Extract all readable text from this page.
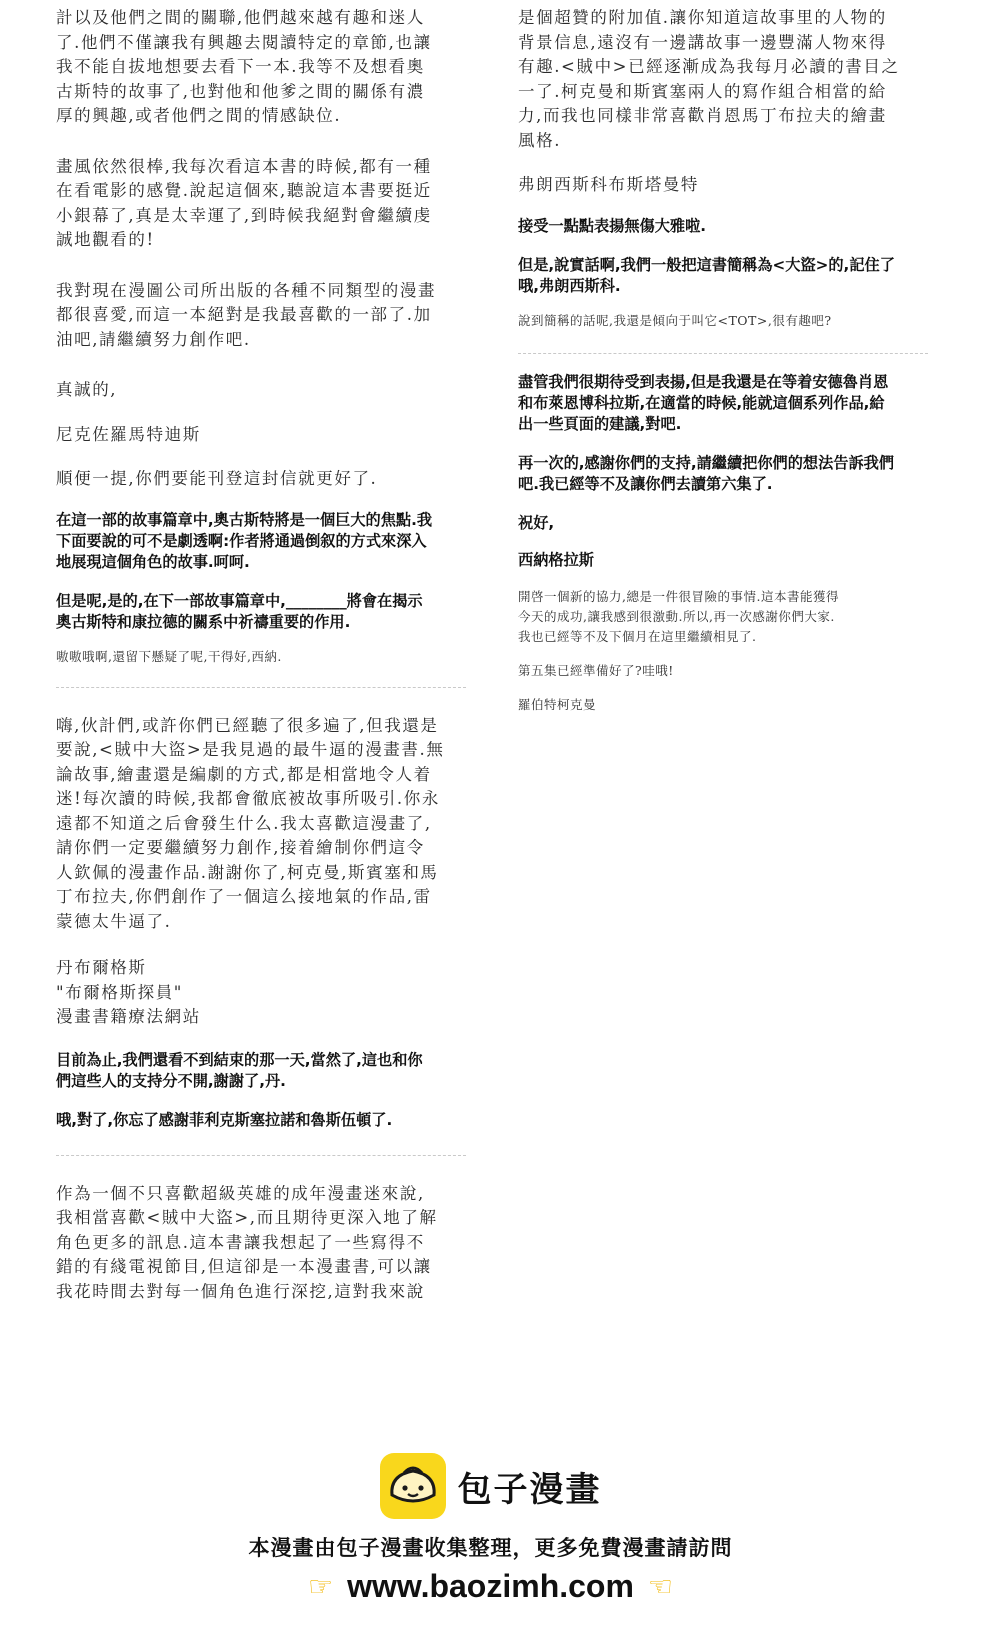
計以及他們之間的關聯,他們越來越有趣和迷人
了.他們不僅讓我有興趣去閱讀特定的章節,也讓
我不能自拔地想要去看下一本.我等不及想看奧
古斯特的故事了,也對他和他爹之間的關係有濃
厚的興趣,或者他們之間的情感缺位.

畫風依然很棒,我每次看這本書的時候,都有一種
在看電影的感覺.說起這個來,聽說這本書要挺近
小銀幕了,真是太幸運了,到時候我絕對會繼續虔
誠地觀看的!

我對現在漫圖公司所出版的各種不同類型的漫畫
都很喜愛,而這一本絕對是我最喜歡的一部了.加
油吧,請繼續努力創作吧.

真誠的,

尼克佐羅馬特迪斯

順便一提,你們要能刊登這封信就更好了.

在這一部的故事篇章中,奧古斯特將是一個巨大的焦點.我
下面要說的可不是劇透啊:作者將通過倒叙的方式來深入
地展現這個角色的故事.呵呵.

但是呢,是的,在下一部故事篇章中,________將會在揭示
奧古斯特和康拉德的關系中祈禱重要的作用.

嗷嗷哦啊,還留下懸疑了呢,干得好,西納.

嗨,伙計們,或許你們已經聽了很多遍了,但我還是
要說,<賊中大盜>是我見過的最牛逼的漫畫書.無
論故事,繪畫還是編劇的方式,都是相當地令人着
迷!每次讀的時候,我都會徹底被故事所吸引.你永
遠都不知道之后會發生什么.我太喜歡這漫畫了,
請你們一定要繼續努力創作,接着繪制你們這令
人欽佩的漫畫作品.謝謝你了,柯克曼,斯賓塞和馬
丁布拉夫,你們創作了一個這么接地氣的作品,雷
蒙德太牛逼了.

丹布爾格斯
"布爾格斯探員"
漫畫書籍療法網站

目前為止,我們還看不到結束的那一天,當然了,這也和你
們這些人的支持分不開,謝謝了,丹.

哦,對了,你忘了感謝菲利克斯塞拉諾和魯斯伍頓了.

作為一個不只喜歡超級英雄的成年漫畫迷來說,
我相當喜歡<賊中大盜>,而且期待更深入地了解
角色更多的訊息.這本書讓我想起了一些寫得不
錯的有綫電視節目,但這卻是一本漫畫書,可以讓
我花時間去對每一個角色進行深挖,這對我來說

是個超贊的附加值.讓你知道這故事里的人物的
背景信息,遠沒有一邊講故事一邊豐滿人物來得
有趣.<賊中>已經逐漸成為我每月必讀的書目之
一了.柯克曼和斯賓塞兩人的寫作組合相當的給
力,而我也同樣非常喜歡肖恩馬丁布拉夫的繪畫
風格.

弗朗西斯科布斯塔曼特

接受一點點表揚無傷大雅啦.

但是,說實話啊,我們一般把這書簡稱為<大盜>的,記住了
哦,弗朗西斯科.

說到簡稱的話呢,我還是傾向于叫它<TOT>,很有趣吧?

盡管我們很期待受到表揚,但是我還是在等着安德魯肖恩
和布萊恩博科拉斯,在適當的時候,能就這個系列作品,給
出一些頁面的建議,對吧.

再一次的,感謝你們的支持,請繼續把你們的想法告訴我們
吧.我已經等不及讓你們去讀第六集了.

祝好,

西納格拉斯

開啓一個新的協力,總是一件很冒險的事情.這本書能獲得
今天的成功,讓我感到很激動.所以,再一次感謝你們大家.
我也已經等不及下個月在這里繼續相見了.

第五集已經準備好了?哇哦!

羅伯特柯克曼

包子漫畫
本漫畫由包子漫畫收集整理，更多免費漫畫請訪問
☞ www.baozimh.com ☜
